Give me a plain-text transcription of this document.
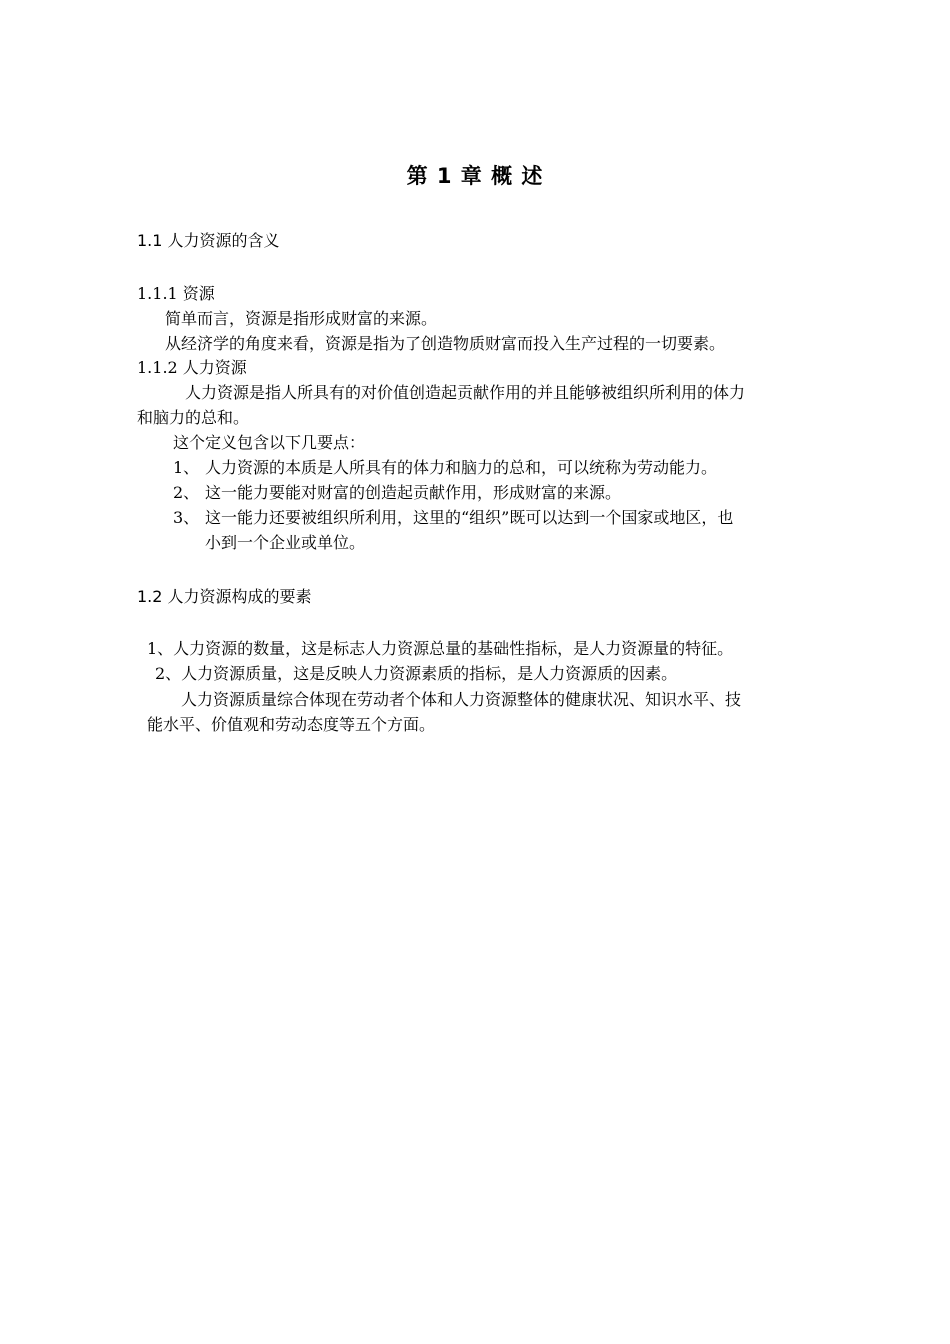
第 1 章 概 述
1.1 人力资源的含义
1.1.1 资源
简单而言，资源是指形成财富的来源。
从经济学的角度来看，资源是指为了创造物质财富而投入生产过程的一切要素。
1.1.2 人力资源
人力资源是指人所具有的对价值创造起贡献作用的并且能够被组织所利用的体力
和脑力的总和。
这个定义包含以下几要点：
1、 人力资源的本质是人所具有的体力和脑力的总和，可以统称为劳动能力。
2、 这一能力要能对财富的创造起贡献作用，形成财富的来源。
3、 这一能力还要被组织所利用，这里的“组织”既可以达到一个国家或地区，也
小到一个企业或单位。
1.2 人力资源构成的要素
1、人力资源的数量，这是标志人力资源总量的基础性指标，是人力资源量的特征。
2、人力资源质量，这是反映人力资源素质的指标，是人力资源质的因素。
人力资源质量综合体现在劳动者个体和人力资源整体的健康状况、知识水平、技
能水平、价值观和劳动态度等五个方面。
